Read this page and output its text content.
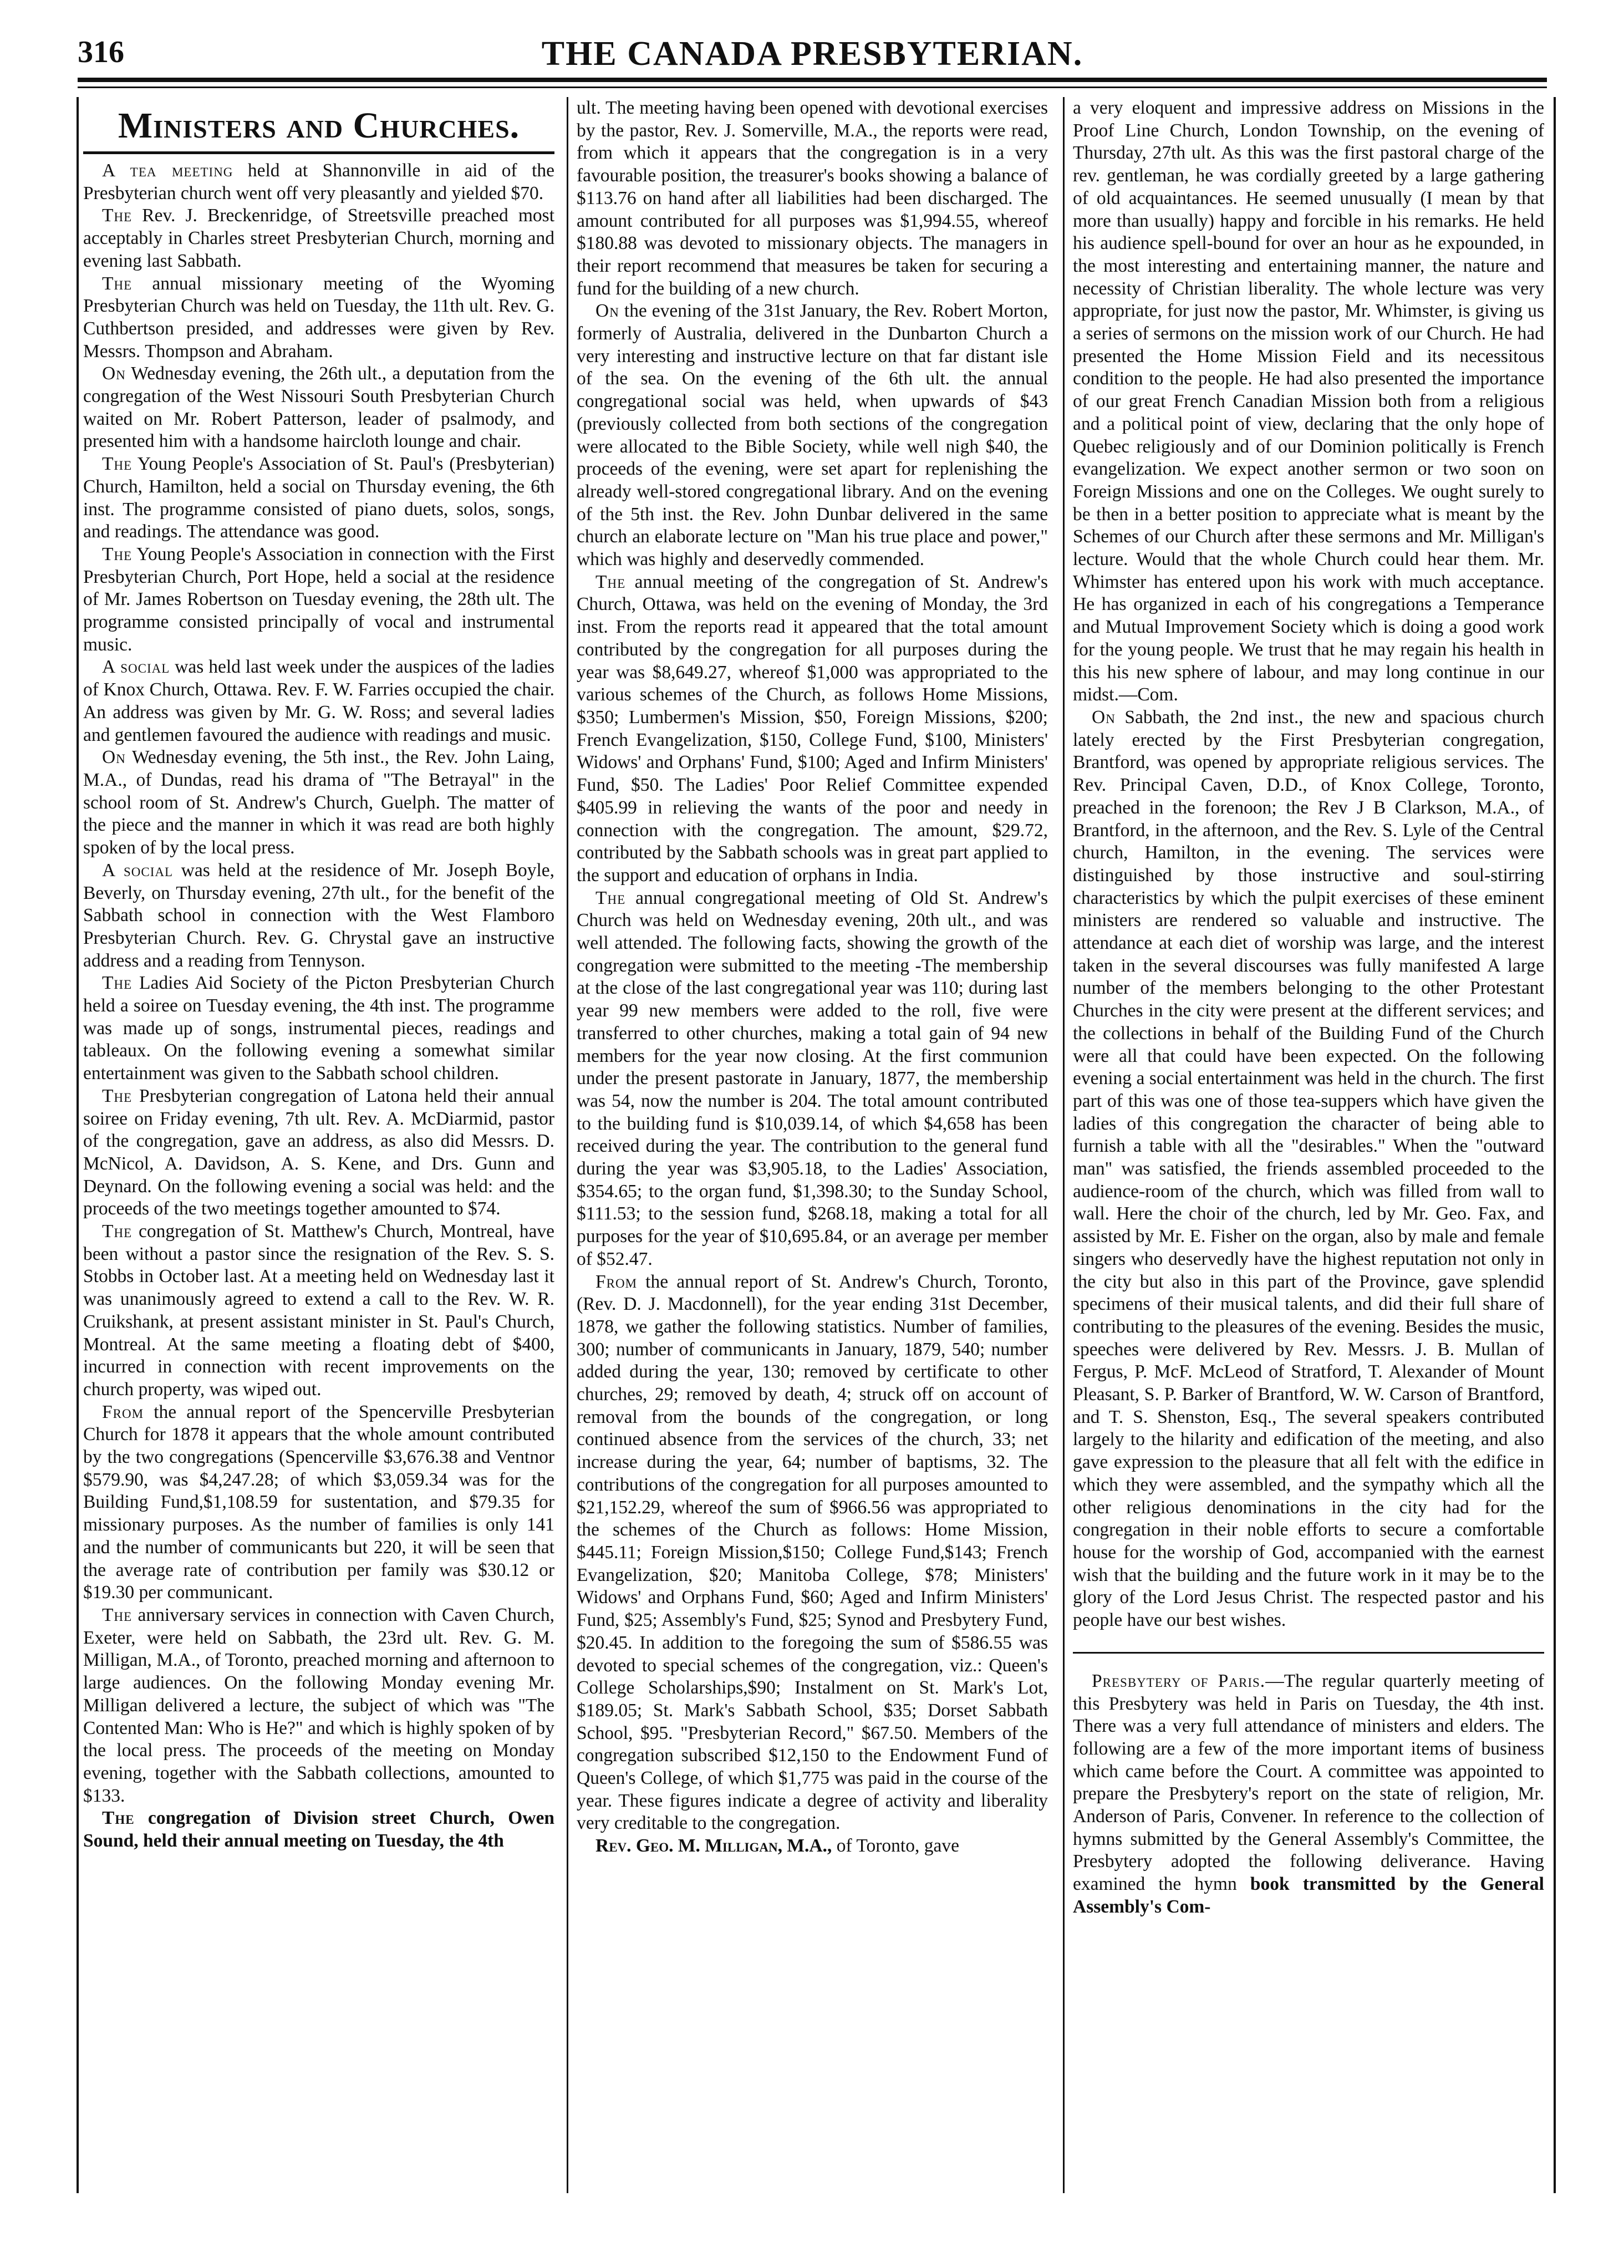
316	THE CANADA PRESBYTERIAN.
Ministers and Churches.

A tea meeting held at Shannonville in aid of the Presbyterian church went off very pleasantly and yielded $70.

The Rev. J. Breckenridge, of Streetsville preached most acceptably in Charles street Presbyterian Church, morning and evening last Sabbath.

The annual missionary meeting of the Wyoming Presbyterian Church was held on Tuesday, the 11th ult. Rev. G. Cuthbertson presided, and addresses were given by Rev. Messrs. Thompson and Abraham.

On Wednesday evening, the 26th ult., a deputation from the congregation of the West Nissouri South Presbyterian Church waited on Mr. Robert Patterson, leader of psalmody, and presented him with a handsome haircloth lounge and chair.

The Young People's Association of St. Paul's (Presbyterian) Church, Hamilton, held a social on Thursday evening, the 6th inst. The programme consisted of piano duets, solos, songs, and readings. The attendance was good.

The Young People's Association in connection with the First Presbyterian Church, Port Hope, held a social at the residence of Mr. James Robertson on Tuesday evening, the 28th ult. The programme consisted principally of vocal and instrumental music.

A social was held last week under the auspices of the ladies of Knox Church, Ottawa. Rev. F. W. Farries occupied the chair. An address was given by Mr. G. W. Ross; and several ladies and gentlemen favoured the audience with readings and music.

On Wednesday evening, the 5th inst., the Rev. John Laing, M.A., of Dundas, read his drama of "The Betrayal" in the school room of St. Andrew's Church, Guelph. The matter of the piece and the manner in which it was read are both highly spoken of by the local press.

A social was held at the residence of Mr. Joseph Boyle, Beverly, on Thursday evening, 27th ult., for the benefit of the Sabbath school in connection with the West Flamboro Presbyterian Church. Rev. G. Chrystal gave an instructive address and a reading from Tennyson.

The Ladies Aid Society of the Picton Presbyterian Church held a soiree on Tuesday evening, the 4th inst. The programme was made up of songs, instrumental pieces, readings and tableaux. On the following evening a somewhat similar entertainment was given to the Sabbath school children.

The Presbyterian congregation of Latona held their annual soiree on Friday evening, 7th ult. Rev. A. McDiarmid, pastor of the congregation, gave an address, as also did Messrs. D. McNicol, A. Davidson, A. S. Kene, and Drs. Gunn and Deynard. On the following evening a social was held: and the proceeds of the two meetings together amounted to $74.

The congregation of St. Matthew's Church, Montreal, have been without a pastor since the resignation of the Rev. S. S. Stobbs in October last. At a meeting held on Wednesday last it was unanimously agreed to extend a call to the Rev. W. R. Cruikshank, at present assistant minister in St. Paul's Church, Montreal. At the same meeting a floating debt of $400, incurred in connection with recent improvements on the church property, was wiped out.

From the annual report of the Spencerville Presbyterian Church for 1878 it appears that the whole amount contributed by the two congregations (Spencerville $3,676.38 and Ventnor $579.90, was $4,247.28; of which $3,059.34 was for the Building Fund,$1,108.59 for sustentation, and $79.35 for missionary purposes. As the number of families is only 141 and the number of communicants but 220, it will be seen that the average rate of contribution per family was $30.12 or $19.30 per communicant.

The anniversary services in connection with Caven Church, Exeter, were held on Sabbath, the 23rd ult. Rev. G. M. Milligan, M.A., of Toronto, preached morning and afternoon to large audiences. On the following Monday evening Mr. Milligan delivered a lecture, the subject of which was "The Contented Man: Who is He?" and which is highly spoken of by the local press. The proceeds of the meeting on Monday evening, together with the Sabbath collections, amounted to $133.

The congregation of Division street Church, Owen Sound, held their annual meeting on Tuesday, the 4th

ult. The meeting having been opened with devotional exercises by the pastor, Rev. J. Somerville, M.A., the reports were read, from which it appears that the congregation is in a very favourable position, the treasurer's books showing a balance of $113.76 on hand after all liabilities had been discharged. The amount contributed for all purposes was $1,994.55, whereof $180.88 was devoted to missionary objects. The managers in their report recommend that measures be taken for securing a fund for the building of a new church.

On the evening of the 31st January, the Rev. Robert Morton, formerly of Australia, delivered in the Dunbarton Church a very interesting and instructive lecture on that far distant isle of the sea. On the evening of the 6th ult. the annual congregational social was held, when upwards of $43 (previously collected from both sections of the congregation were allocated to the Bible Society, while well nigh $40, the proceeds of the evening, were set apart for replenishing the already well-stored congregational library. And on the evening of the 5th inst. the Rev. John Dunbar delivered in the same church an elaborate lecture on "Man his true place and power," which was highly and deservedly commended.

The annual meeting of the congregation of St. Andrew's Church, Ottawa, was held on the evening of Monday, the 3rd inst. From the reports read it appeared that the total amount contributed by the congregation for all purposes during the year was $8,649.27, whereof $1,000 was appropriated to the various schemes of the Church, as follows Home Missions, $350; Lumbermen's Mission, $50, Foreign Missions, $200; French Evangelization, $150, College Fund, $100, Ministers' Widows' and Orphans' Fund, $100; Aged and Infirm Ministers' Fund, $50. The Ladies' Poor Relief Committee expended $405.99 in relieving the wants of the poor and needy in connection with the congregation. The amount, $29.72, contributed by the Sabbath schools was in great part applied to the support and education of orphans in India.

The annual congregational meeting of Old St. Andrew's Church was held on Wednesday evening, 20th ult., and was well attended. The following facts, showing the growth of the congregation were submitted to the meeting -The membership at the close of the last congregational year was 110; during last year 99 new members were added to the roll, five were transferred to other churches, making a total gain of 94 new members for the year now closing. At the first communion under the present pastorate in January, 1877, the membership was 54, now the number is 204. The total amount contributed to the building fund is $10,039.14, of which $4,658 has been received during the year. The contribution to the general fund during the year was $3,905.18, to the Ladies' Association, $354.65; to the organ fund, $1,398.30; to the Sunday School, $111.53; to the session fund, $268.18, making a total for all purposes for the year of $10,695.84, or an average per member of $52.47.

From the annual report of St. Andrew's Church, Toronto, (Rev. D. J. Macdonnell), for the year ending 31st December, 1878, we gather the following statistics. Number of families, 300; number of communicants in January, 1879, 540; number added during the year, 130; removed by certificate to other churches, 29; removed by death, 4; struck off on account of removal from the bounds of the congregation, or long continued absence from the services of the church, 33; net increase during the year, 64; number of baptisms, 32. The contributions of the congregation for all purposes amounted to $21,152.29, whereof the sum of $966.56 was appropriated to the schemes of the Church as follows: Home Mission, $445.11; Foreign Mission,$150; College Fund,$143; French Evangelization, $20; Manitoba College, $78; Ministers' Widows' and Orphans Fund, $60; Aged and Infirm Ministers' Fund, $25; Assembly's Fund, $25; Synod and Presbytery Fund, $20.45. In addition to the foregoing the sum of $586.55 was devoted to special schemes of the congregation, viz.: Queen's College Scholarships,$90; Instalment on St. Mark's Lot, $189.05; St. Mark's Sabbath School, $35; Dorset Sabbath School, $95. "Presbyterian Record," $67.50. Members of the congregation subscribed $12,150 to the Endowment Fund of Queen's College, of which $1,775 was paid in the course of the year. These figures indicate a degree of activity and liberality very creditable to the congregation.

Rev. Geo. M. Milligan, M.A., of Toronto, gave

a very eloquent and impressive address on Missions in the Proof Line Church, London Township, on the evening of Thursday, 27th ult. As this was the first pastoral charge of the rev. gentleman, he was cordially greeted by a large gathering of old acquaintances. He seemed unusually (I mean by that more than usually) happy and forcible in his remarks. He held his audience spell-bound for over an hour as he expounded, in the most interesting and entertaining manner, the nature and necessity of Christian liberality. The whole lecture was very appropriate, for just now the pastor, Mr. Whimster, is giving us a series of sermons on the mission work of our Church. He had presented the Home Mission Field and its necessitous condition to the people. He had also presented the importance of our great French Canadian Mission both from a religious and a political point of view, declaring that the only hope of Quebec religiously and of our Dominion politically is French evangelization. We expect another sermon or two soon on Foreign Missions and one on the Colleges. We ought surely to be then in a better position to appreciate what is meant by the Schemes of our Church after these sermons and Mr. Milligan's lecture. Would that the whole Church could hear them. Mr. Whimster has entered upon his work with much acceptance. He has organized in each of his congregations a Temperance and Mutual Improvement Society which is doing a good work for the young people. We trust that he may regain his health in this his new sphere of labour, and may long continue in our midst.—Com.

On Sabbath, the 2nd inst., the new and spacious church lately erected by the First Presbyterian congregation, Brantford, was opened by appropriate religious services. The Rev. Principal Caven, D.D., of Knox College, Toronto, preached in the forenoon; the Rev J B Clarkson, M.A., of Brantford, in the afternoon, and the Rev. S. Lyle of the Central church, Hamilton, in the evening. The services were distinguished by those instructive and soul-stirring characteristics by which the pulpit exercises of these eminent ministers are rendered so valuable and instructive. The attendance at each diet of worship was large, and the interest taken in the several discourses was fully manifested A large number of the members belonging to the other Protestant Churches in the city were present at the different services; and the collections in behalf of the Building Fund of the Church were all that could have been expected. On the following evening a social entertainment was held in the church. The first part of this was one of those tea-suppers which have given the ladies of this congregation the character of being able to furnish a table with all the "desirables." When the "outward man" was satisfied, the friends assembled proceeded to the audience-room of the church, which was filled from wall to wall. Here the choir of the church, led by Mr. Geo. Fax, and assisted by Mr. E. Fisher on the organ, also by male and female singers who deservedly have the highest reputation not only in the city but also in this part of the Province, gave splendid specimens of their musical talents, and did their full share of contributing to the pleasures of the evening. Besides the music, speeches were delivered by Rev. Messrs. J. B. Mullan of Fergus, P. McF. McLeod of Stratford, T. Alexander of Mount Pleasant, S. P. Barker of Brantford, W. W. Carson of Brantford, and T. S. Shenston, Esq., The several speakers contributed largely to the hilarity and edification of the meeting, and also gave expression to the pleasure that all felt with the edifice in which they were assembled, and the sympathy which all the other religious denominations in the city had for the congregation in their noble efforts to secure a comfortable house for the worship of God, accompanied with the earnest wish that the building and the future work in it may be to the glory of the Lord Jesus Christ. The respected pastor and his people have our best wishes.

Presbytery of Paris.—The regular quarterly meeting of this Presbytery was held in Paris on Tuesday, the 4th inst. There was a very full attendance of ministers and elders. The following are a few of the more important items of business which came before the Court. A committee was appointed to prepare the Presbytery's report on the state of religion, Mr. Anderson of Paris, Convener. In reference to the collection of hymns submitted by the General Assembly's Committee, the Presbytery adopted the following deliverance. Having examined the hymn book transmitted by the General Assembly's Com-
